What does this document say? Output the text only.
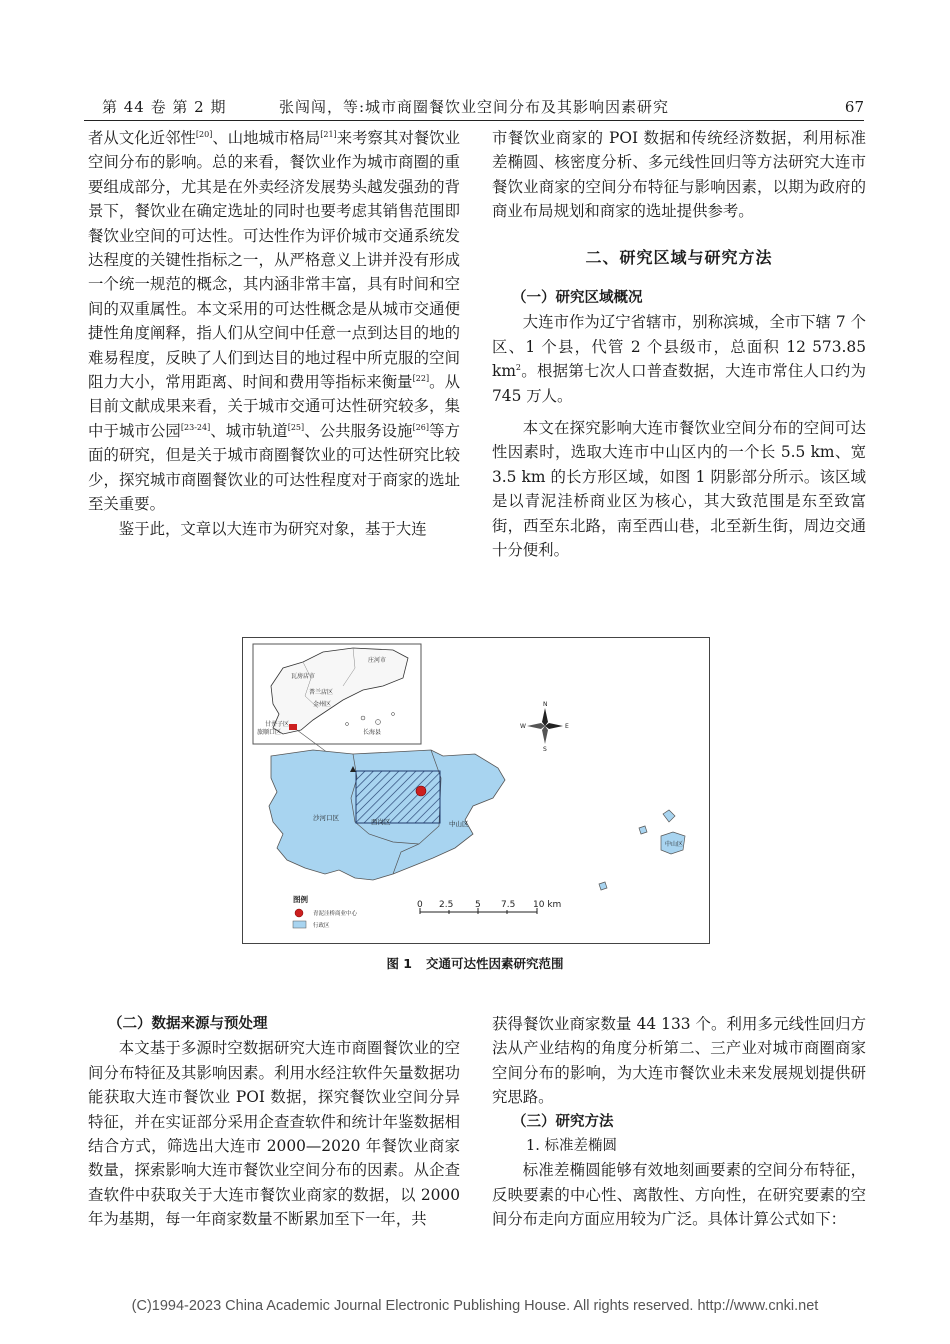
第 44 卷 第 2 期	张闯闯，等:城市商圈餐饮业空间分布及其影响因素研究	67

者从文化近邻性[20]、山地城市格局[21]来考察其对餐饮业空间分布的影响。总的来看，餐饮业作为城市商圈的重要组成部分，尤其是在外卖经济发展势头越发强劲的背景下，餐饮业在确定选址的同时也要考虑其销售范围即餐饮业空间的可达性。可达性作为评价城市交通系统发达程度的关键性指标之一，从严格意义上讲并没有形成一个统一规范的概念，其内涵非常丰富，具有时间和空间的双重属性。本文采用的可达性概念是从城市交通便捷性角度阐释，指人们从空间中任意一点到达目的地的难易程度，反映了人们到达目的地过程中所克服的空间阻力大小，常用距离、时间和费用等指标来衡量[22]。从目前文献成果来看，关于城市交通可达性研究较多，集中于城市公园[23-24]、城市轨道[25]、公共服务设施[26]等方面的研究，但是关于城市商圈餐饮业的可达性研究比较少，探究城市商圈餐饮业的可达性程度对于商家的选址至关重要。

鉴于此，文章以大连市为研究对象，基于大连

市餐饮业商家的 POI 数据和传统经济数据，利用标准差椭圆、核密度分析、多元线性回归等方法研究大连市餐饮业商家的空间分布特征与影响因素，以期为政府的商业布局规划和商家的选址提供参考。

二、研究区域与研究方法

（一）研究区域概况

大连市作为辽宁省辖市，别称滨城，全市下辖 7 个区、1 个县，代管 2 个县级市，总面积 12 573.85 $km^2$。根据第七次人口普查数据，大连市常住人口约为 745 万人。

本文在探究影响大连市餐饮业空间分布的空间可达性因素时，选取大连市中山区内的一个长 5.5 km、宽 3.5 km 的长方形区域，如图 1 阴影部分所示。该区域是以青泥洼桥商业区为核心，其大致范围是东至致富街，西至东北路，南至西山巷，北至新生街，周边交通十分便利。

庄河市
瓦房店市
普兰店区
金州区
长海县
旅顺口区
甘井子区
沙河口区	西岗区	中山区
中山区
N
S
E
W
图例
青泥洼桥商业中心
行政区
0 2.5 5 7.5 10 km
图 1 交通可达性因素研究范围

（二）数据来源与预处理

本文基于多源时空数据研究大连市商圈餐饮业的空间分布特征及其影响因素。利用水经注软件矢量数据功能获取大连市餐饮业 POI 数据，探究餐饮业空间分异特征，并在实证部分采用企查查软件和统计年鉴数据相结合方式，筛选出大连市 2000—2020 年餐饮业商家数量，探索影响大连市餐饮业空间分布的因素。从企查查软件中获取关于大连市餐饮业商家的数据，以 2000 年为基期，每一年商家数量不断累加至下一年，共

获得餐饮业商家数量 44 133 个。利用多元线性回归方法从产业结构的角度分析第二、三产业对城市商圈商家空间分布的影响，为大连市餐饮业未来发展规划提供研究思路。

（三）研究方法

1. 标准差椭圆

标准差椭圆能够有效地刻画要素的空间分布特征，反映要素的中心性、离散性、方向性，在研究要素的空间分布走向方面应用较为广泛。具体计算公式如下：

(C)1994-2023 China Academic Journal Electronic Publishing House. All rights reserved. http://www.cnki.net
